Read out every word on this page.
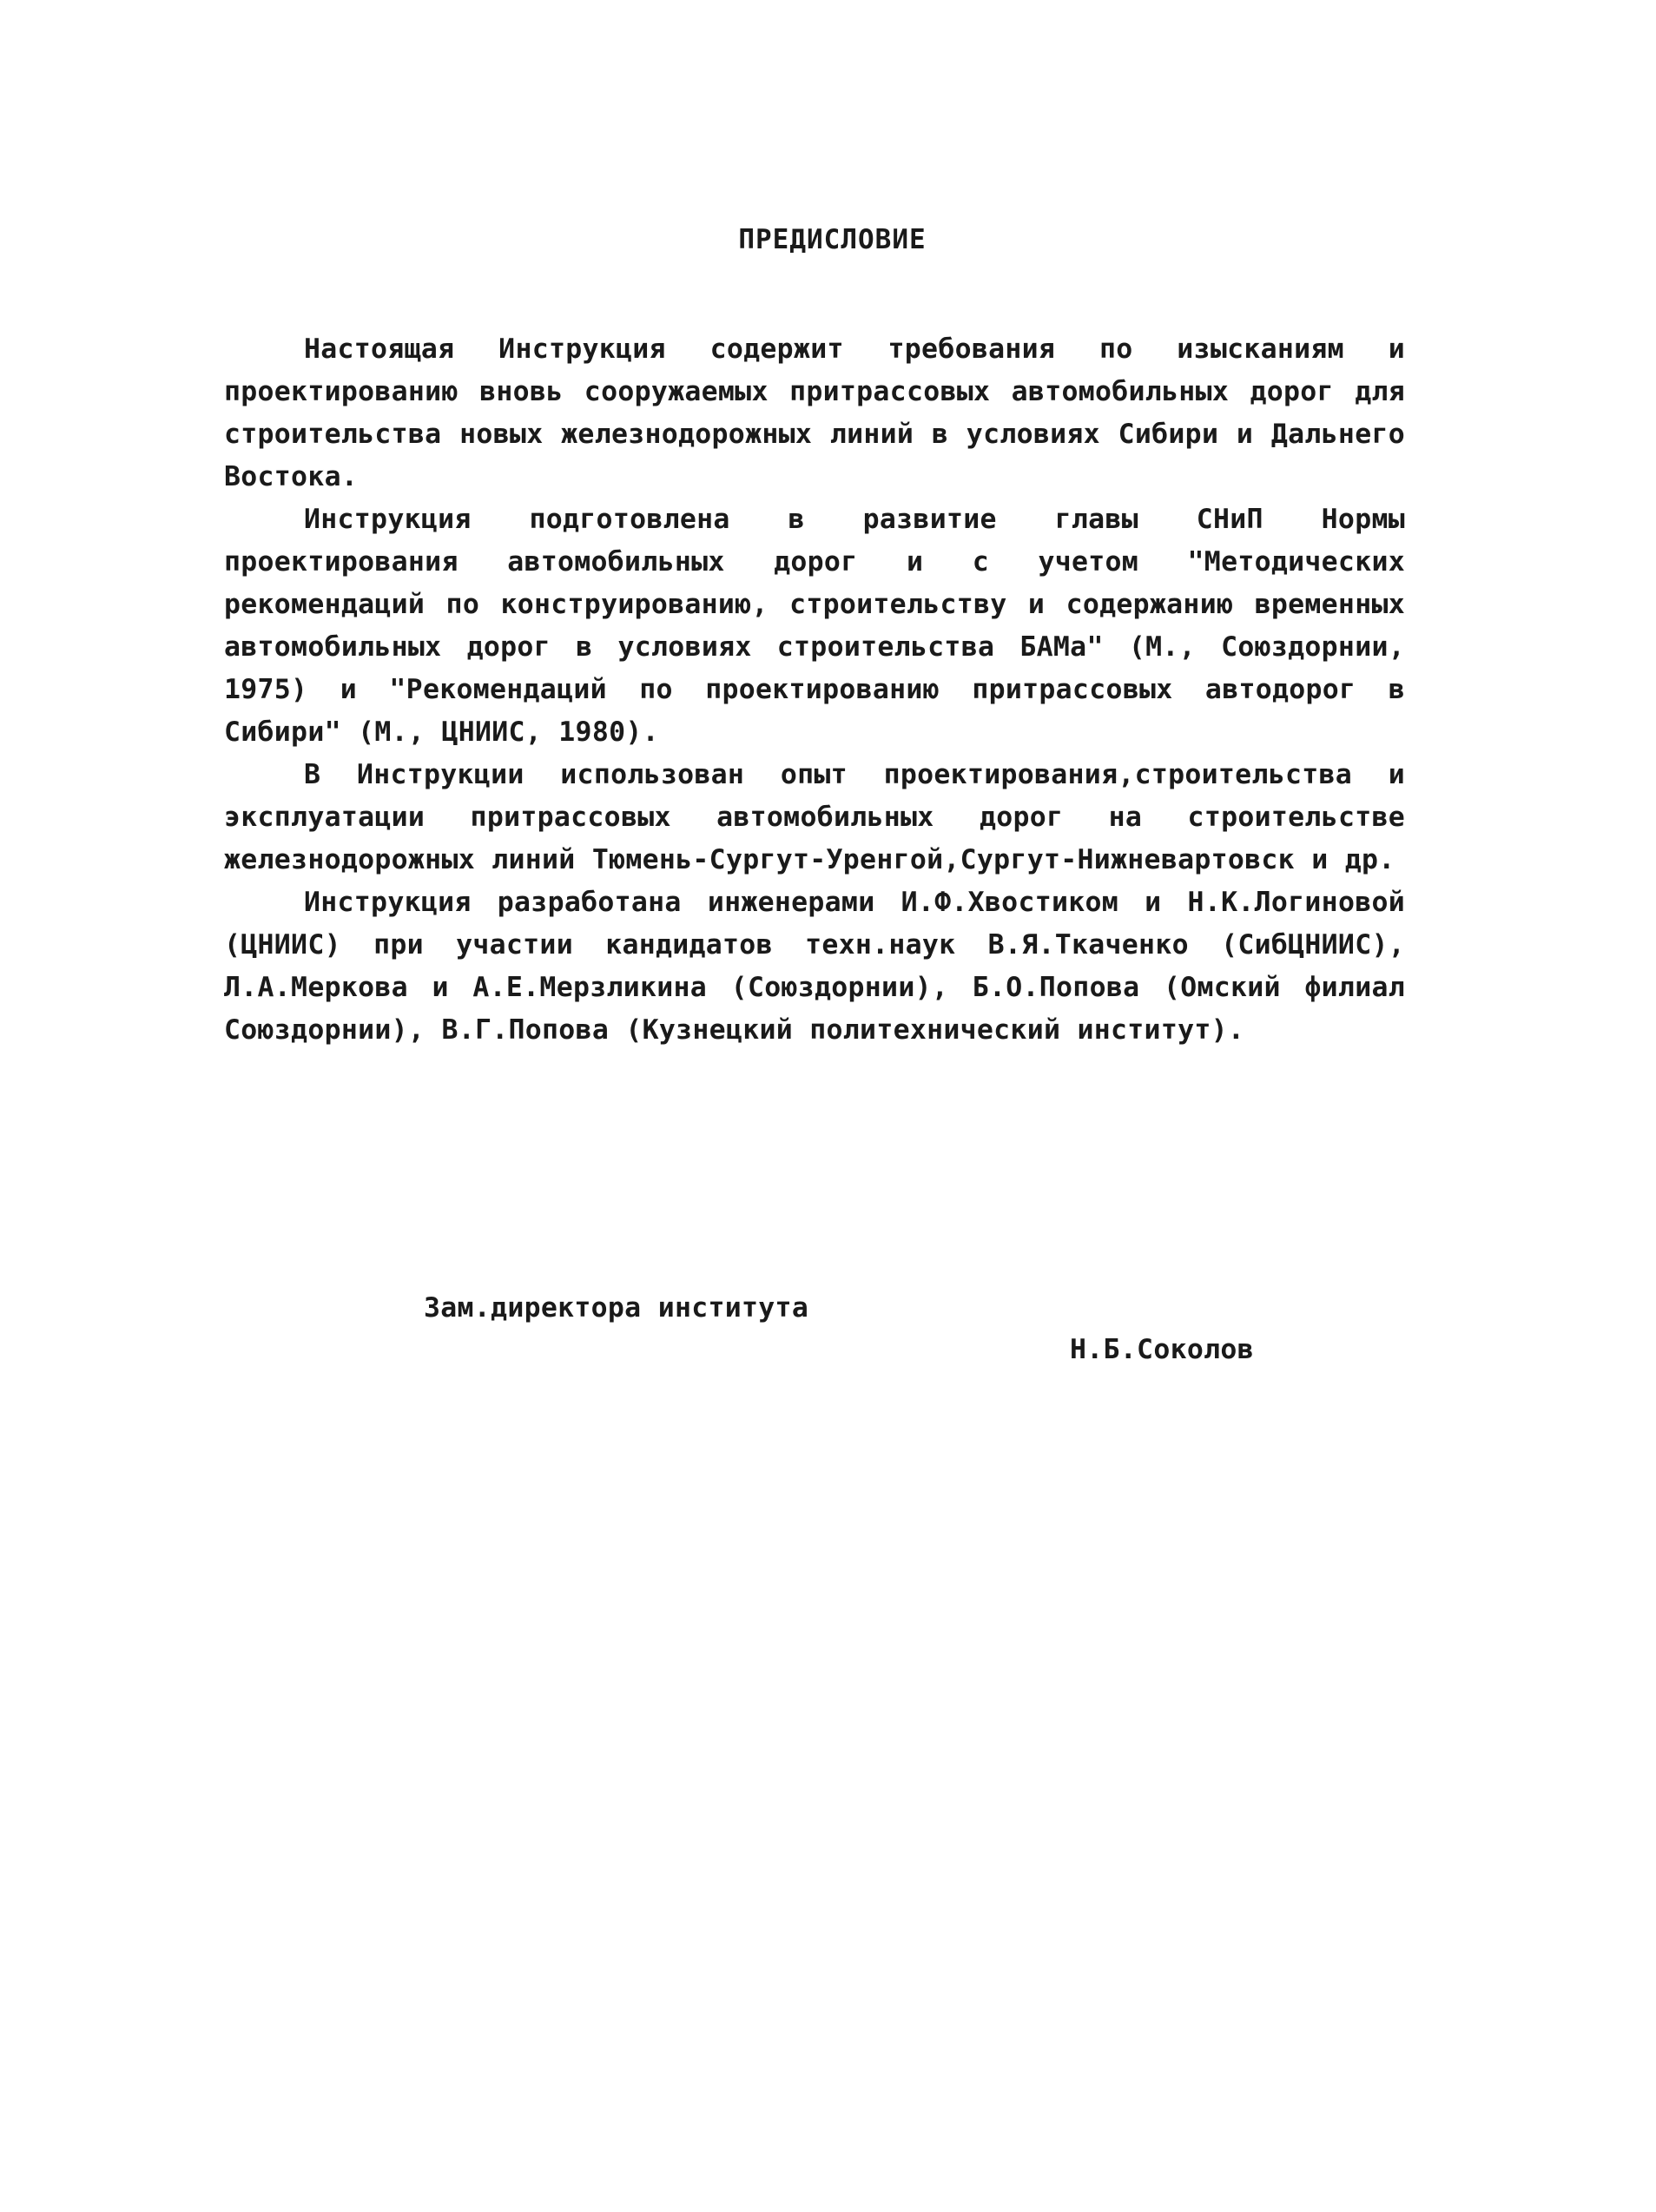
ПРЕДИСЛОВИЕ

Настоящая Инструкция содержит требования по изысканиям и проектированию вновь сооружаемых притрассовых автомобильных дорог для строительства новых железнодорожных линий в условиях Сибири и Дальнего Востока.

Инструкция подготовлена в развитие главы СНиП Нормы проектирования автомобильных дорог и с учетом "Методических рекомендаций по конструированию, строительству и содержанию временных автомобильных дорог в условиях строительства БАМа" (М., Союздорнии, 1975) и "Рекомендаций по проектированию притрассовых автодорог в Сибири" (М., ЦНИИС, 1980).

В Инструкции использован опыт проектирования,строительства и эксплуатации притрассовых автомобильных дорог на строительстве железнодорожных линий Тюмень-Сургут-Уренгой,Сургут-Нижневартовск и др.

Инструкция разработана инженерами И.Ф.Хвостиком и Н.К.Логиновой (ЦНИИС) при участии кандидатов техн.наук В.Я.Ткаченко (СибЦНИИС), Л.А.Меркова и А.Е.Мерзликина (Союздорнии), Б.О.Попова (Омский филиал Союздорнии), В.Г.Попова (Кузнецкий политехнический институт).

Зам.директора института
Н.Б.Соколов
